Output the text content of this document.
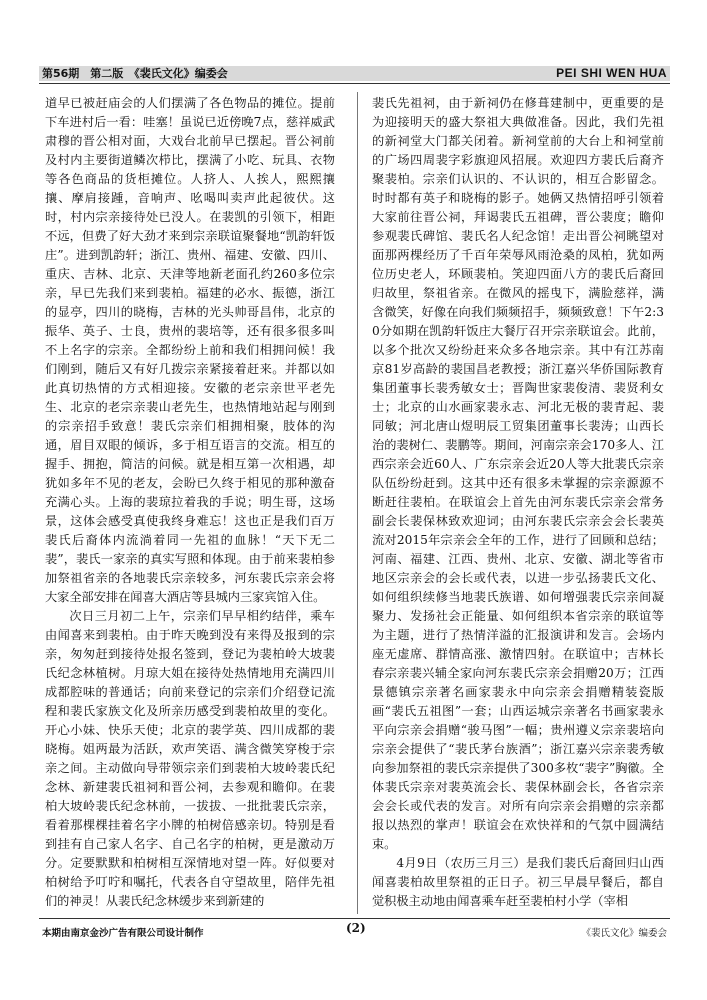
第56期　第二版　《裴氏文化》编委会	PEI SHI WEN HUA

道早已被赶庙会的人们摆满了各色物品的摊位。提前下车进村后一看：哇塞！虽说已近傍晚7点，慈祥威武肃穆的晋公相对面，大戏台北前早已摆起。晋公祠前及村内主要街道鳞次栉比，摆满了小吃、玩具、衣物等各色商品的货柜摊位。人挤人、人挨人，熙熙攘攘、摩肩接踵，音响声、吆喝叫卖声此起彼伏。这时，村内宗亲接待处已没人。在裴凯的引领下，相距不远，但费了好大劲才来到宗亲联谊聚餐地“凯韵轩饭庄”。进到凯韵轩；浙江、贵州、福建、安徽、四川、重庆、吉林、北京、天津等地新老面孔约260多位宗亲，早已先我们来到裴柏。福建的必水、振德，浙江的显亭，四川的晓梅，吉林的光头帅哥昌伟，北京的振华、英子、士良，贵州的裴培等，还有很多很多叫不上名字的宗亲。全都纷纷上前和我们相拥问候！我们刚到，随后又有好几拨宗亲紧接着赶来。并都以如此真切热情的方式相迎接。安徽的老宗亲世平老先生、北京的老宗亲裴山老先生，也热情地站起与刚到的宗亲招手致意！裴氏宗亲们相拥相聚，肢体的沟通，眉目双眼的倾诉，多于相互语言的交流。相互的握手、拥抱，简洁的问候。就是相互第一次相遇，却犹如多年不见的老友，会盼已久终于相见的那种激奋充满心头。上海的裴琼拉着我的手说；明生哥，这场景，这体会感受真使我终身难忘！这也正是我们百万裴氏后裔体内流淌着同一先祖的血脉！“天下无二裴”，裴氏一家亲的真实写照和体现。由于前来裴柏参加祭祖省亲的各地裴氏宗亲较多，河东裴氏宗亲会将大家全部安排在闻喜大酒店等县城内三家宾馆入住。

次日三月初二上午，宗亲们早早相约结伴，乘车由闻喜来到裴柏。由于昨天晚到没有来得及报到的宗亲，匆匆赶到接待处报名签到，登记为裴柏岭大坡裴氏纪念林植树。月琼大姐在接待处热情地用充满四川成都腔味的普通话；向前来登记的宗亲们介绍登记流程和裴氏家族文化及所亲历感受到裴柏故里的变化。开心小妹、快乐天使；北京的裴学英、四川成都的裴晓梅。姐两最为活跃，欢声笑语、满含微笑穿梭于宗亲之间。主动做向导带领宗亲们到裴柏大坡岭裴氏纪念林、新建裴氏祖祠和晋公祠，去参观和瞻仰。在裴柏大坡岭裴氏纪念林前，一拔拔、一批批裴氏宗亲，看着那棵棵挂着名字小牌的柏树倍感亲切。特别是看到挂有自己家人名字、自己名字的柏树，更是激动万分。定要默默和柏树相互深情地对望一阵。好似要对柏树给予叮咛和嘱托，代表各自守望故里，陪伴先祖们的神灵！从裴氏纪念林缓步来到新建的

裴氏先祖祠，由于新祠仍在修葺建制中，更重要的是为迎接明天的盛大祭祖大典做准备。因此，我们先祖的新祠堂大门都关闭着。新祠堂前的大台上和祠堂前的广场四周裴字彩旗迎风招展。欢迎四方裴氏后裔齐聚裴柏。宗亲们认识的、不认识的，相互合影留念。时时都有英子和晓梅的影子。她俩又热情招呼引领着大家前往晋公祠，拜谒裴氏五祖碑，晋公裴度；瞻仰参观裴氏碑馆、裴氏名人纪念馆！走出晋公祠眺望对面那两棵经历了千百年荣辱风雨沧桑的凤柏，犹如两位历史老人，环顾裴柏。笑迎四面八方的裴氏后裔回归故里，祭祖省亲。在微风的摇曳下，满脸慈祥，满含微笑，好像在向我们频频招手，频频致意！下午2:30分如期在凯韵轩饭庄大餐厅召开宗亲联谊会。此前，以多个批次又纷纷赶来众多各地宗亲。其中有江苏南京81岁高龄的裴国昌老教授；浙江嘉兴华侨国际教育集团董事长裴秀敏女士；晋陶世家裴俊清、裴贤利女士；北京的山水画家裴永志、河北无极的裴青起、裴同敏；河北唐山煜明辰工贸集团董事长裴涛；山西长治的裴树仁、裴鹏等。期间，河南宗亲会170多人、江西宗亲会近60人、广东宗亲会近20人等大批裴氏宗亲队伍纷纷赶到。这其中还有很多未掌握的宗亲源源不断赶往裴柏。在联谊会上首先由河东裴氏宗亲会常务副会长裴保林致欢迎词；由河东裴氏宗亲会会长裴英流对2015年宗亲会全年的工作，进行了回顾和总结；河南、福建、江西、贵州、北京、安徽、湖北等省市地区宗亲会的会长或代表，以进一步弘扬裴氏文化、如何组织续修当地裴氏族谱、如何增强裴氏宗亲间凝聚力、发扬社会正能量、如何组织本省宗亲的联谊等为主题，进行了热情洋溢的汇报演讲和发言。会场内座无虚席、群情高涨、激情四射。在联谊中；吉林长春宗亲裴兴辅全家向河东裴氏宗亲会捐赠20万；江西景德镇宗亲著名画家裴永中向宗亲会捐赠精装瓷版画“裴氏五祖图”一套；山西运城宗亲著名书画家裴永平向宗亲会捐赠“骏马图”一幅；贵州遵义宗亲裴培向宗亲会提供了“裴氏茅台族酒”；浙江嘉兴宗亲裴秀敏向参加祭祖的裴氏宗亲提供了300多枚“裴字”胸徽。全体裴氏宗亲对裴英流会长、裴保林副会长，各省宗亲会会长或代表的发言。对所有向宗亲会捐赠的宗亲都报以热烈的掌声！联谊会在欢快祥和的气氛中圆满结束。

4月9日（农历三月三）是我们裴氏后裔回归山西闻喜裴柏故里祭祖的正日子。初三早晨早餐后，都自觉积极主动地由闻喜乘车赶至裴柏村小学（宰相

本期由南京金沙广告有限公司设计制作	(2)	《裴氏文化》编委会
